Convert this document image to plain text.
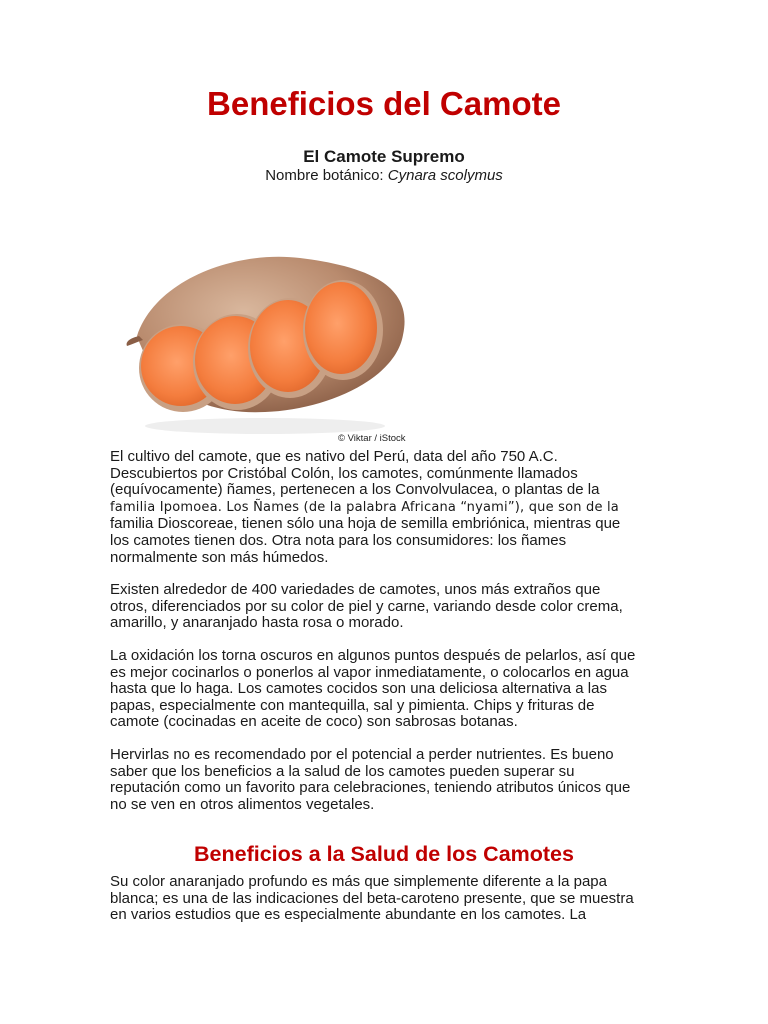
Beneficios del Camote
El Camote Supremo

Nombre botánico: Cynara scolymus

© Viktar / iStock

El cultivo del camote, que es nativo del Perú, data del año 750 A.C.
Descubiertos por Cristóbal Colón, los camotes, comúnmente llamados
(equívocamente) ñames, pertenecen a los Convolvulacea, o plantas de la
familia Ipomoea. Los Ñames (de la palabra Africana “nyami”), que son de la
familia Dioscoreae, tienen sólo una hoja de semilla embriónica, mientras que
los camotes tienen dos. Otra nota para los consumidores: los ñames
normalmente son más húmedos.

Existen alrededor de 400 variedades de camotes, unos más extraños que
otros, diferenciados por su color de piel y carne, variando desde color crema,
amarillo, y anaranjado hasta rosa o morado.

La oxidación los torna oscuros en algunos puntos después de pelarlos, así que
es mejor cocinarlos o ponerlos al vapor inmediatamente, o colocarlos en agua
hasta que lo haga. Los camotes cocidos son una deliciosa alternativa a las
papas, especialmente con mantequilla, sal y pimienta. Chips y frituras de
camote (cocinadas en aceite de coco) son sabrosas botanas.

Hervirlas no es recomendado por el potencial a perder nutrientes. Es bueno
saber que los beneficios a la salud de los camotes pueden superar su
reputación como un favorito para celebraciones, teniendo atributos únicos que
no se ven en otros alimentos vegetales.

Beneficios a la Salud de los Camotes

Su color anaranjado profundo es más que simplemente diferente a la papa
blanca; es una de las indicaciones del beta-caroteno presente, que se muestra
en varios estudios que es especialmente abundante en los camotes. La
